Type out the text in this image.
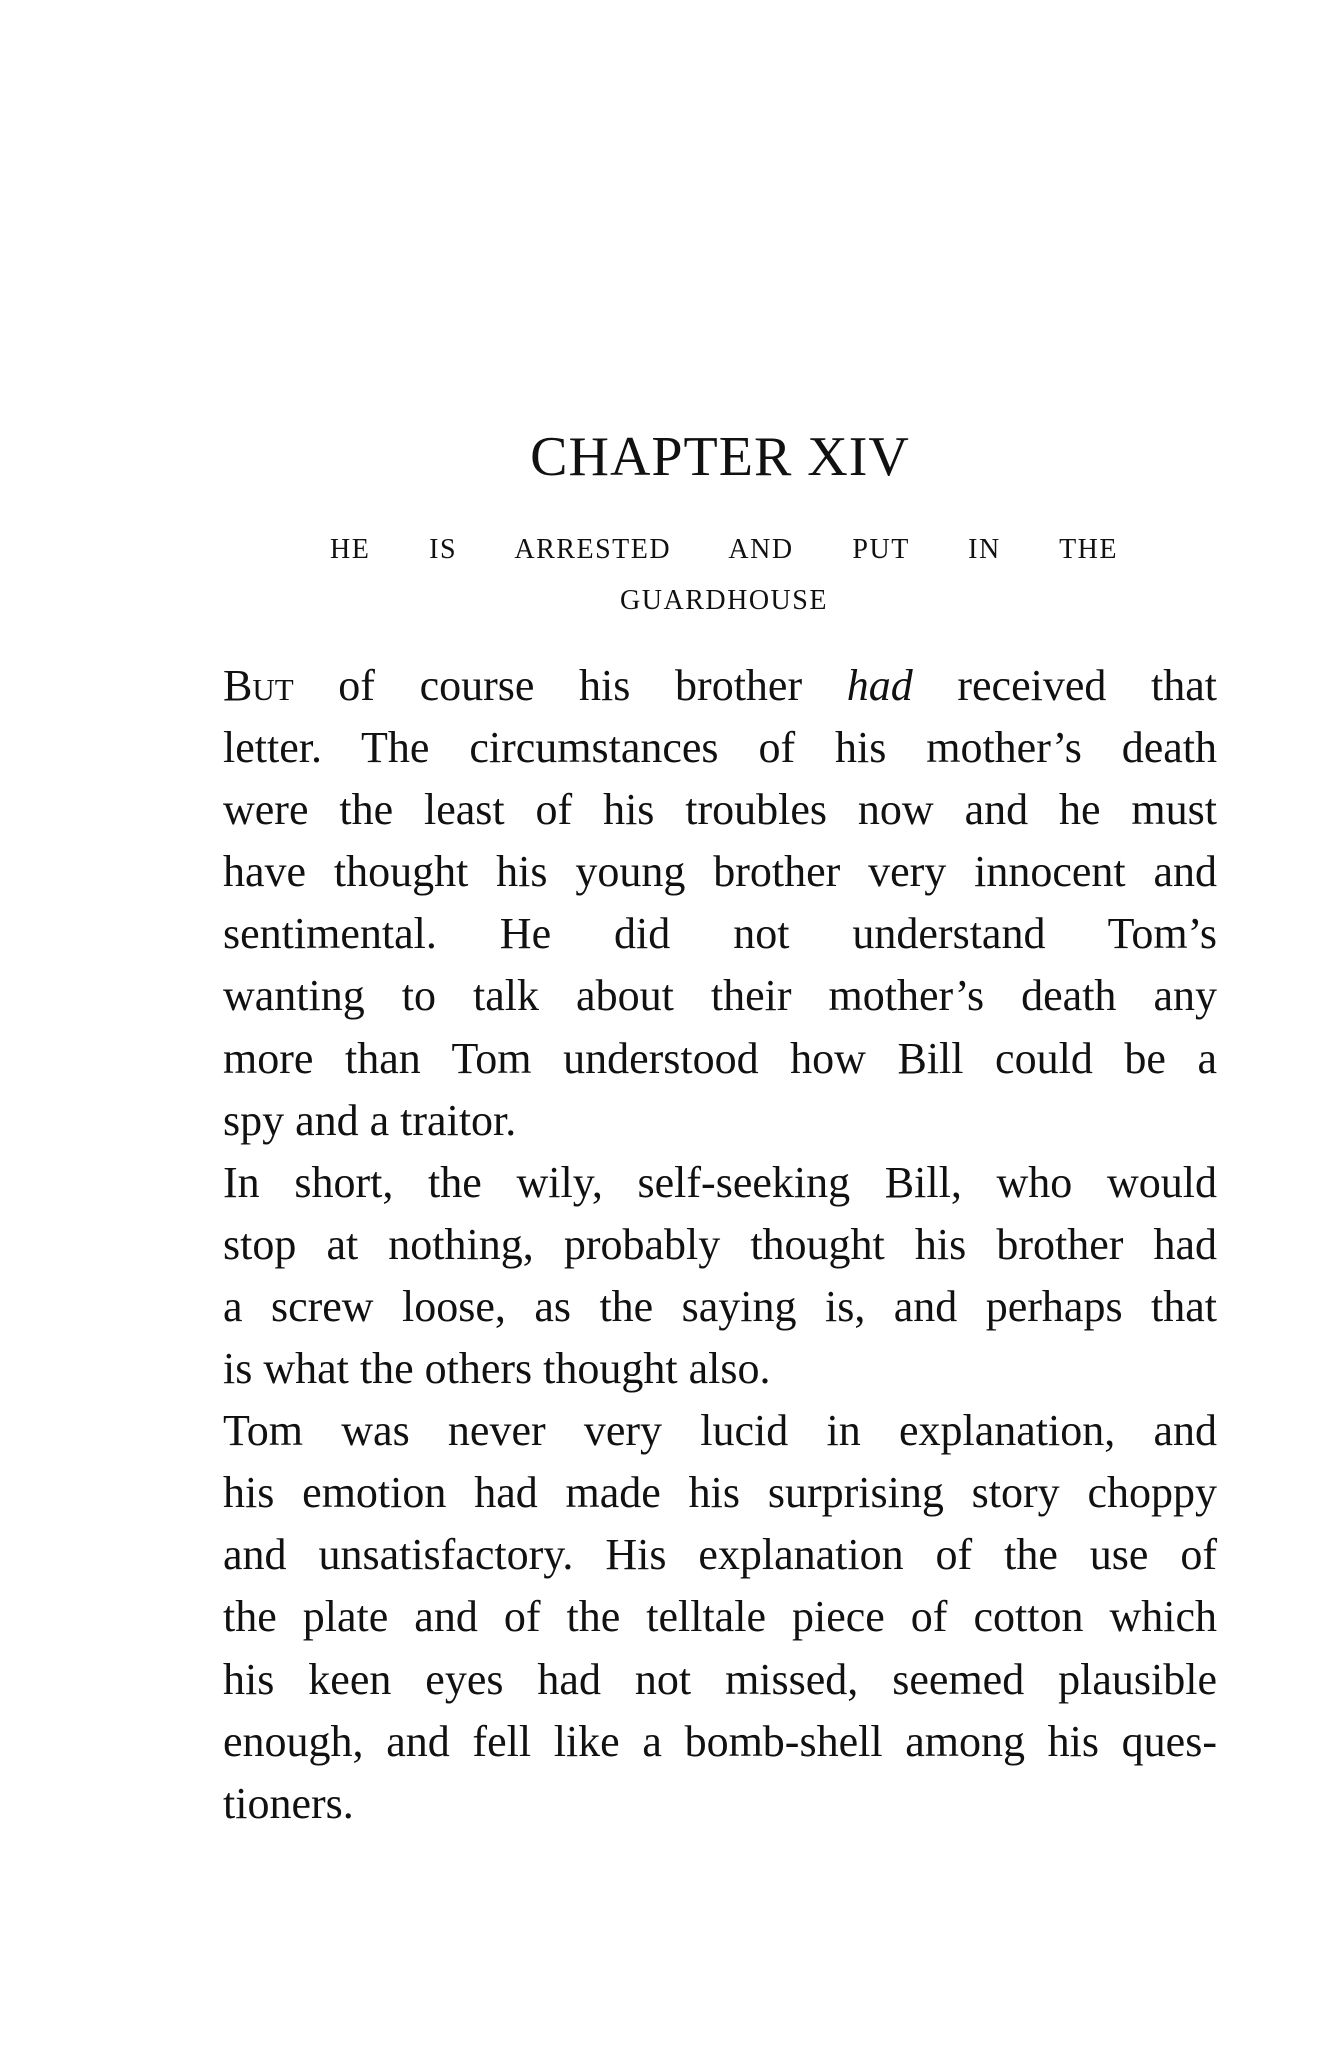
CHAPTER XIV
HE IS ARRESTED AND PUT IN THE
GUARDHOUSE
But of course his brother had received that
letter. The circumstances of his mother’s death
were the least of his troubles now and he must
have thought his young brother very innocent and
sentimental. He did not understand Tom’s
wanting to talk about their mother’s death any
more than Tom understood how Bill could be a
spy and a traitor.
In short, the wily, self-seeking Bill, who would
stop at nothing, probably thought his brother had
a screw loose, as the saying is, and perhaps that
is what the others thought also.
Tom was never very lucid in explanation, and
his emotion had made his surprising story choppy
and unsatisfactory. His explanation of the use of
the plate and of the telltale piece of cotton which
his keen eyes had not missed, seemed plausible
enough, and fell like a bomb-shell among his ques-
tioners.
